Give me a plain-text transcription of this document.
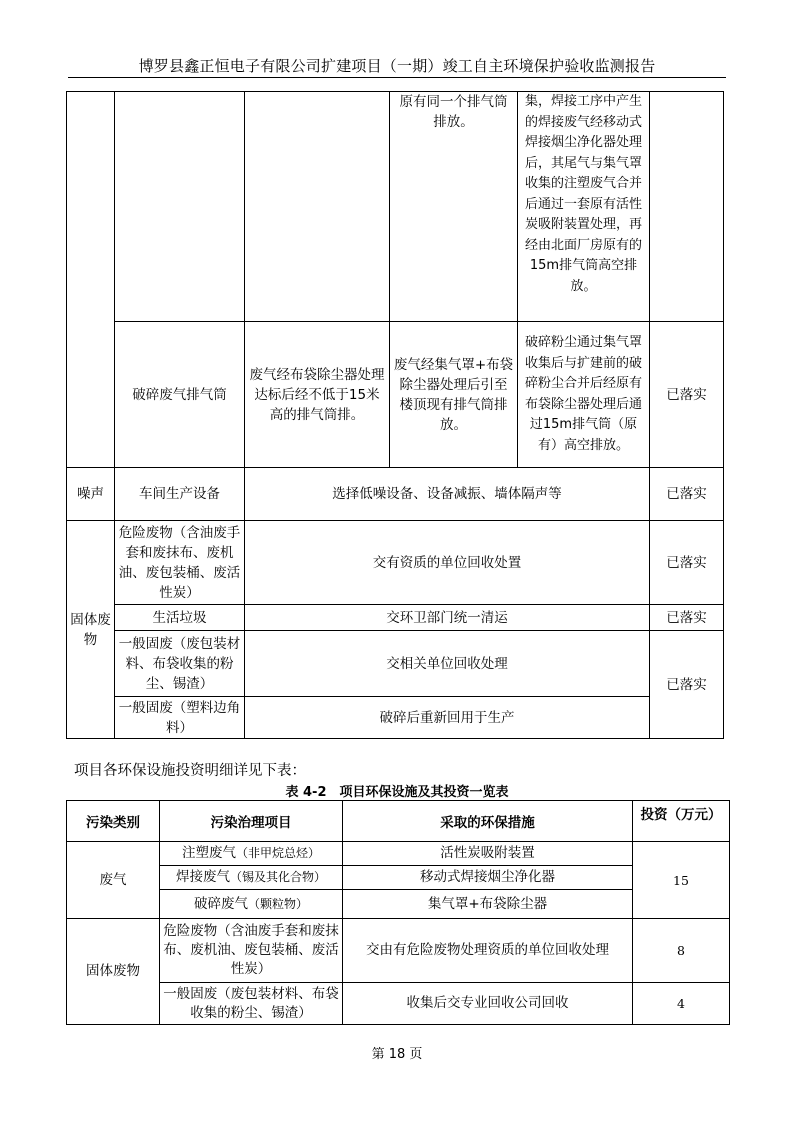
博罗县鑫正恒电子有限公司扩建项目（一期）竣工自主环境保护验收监测报告
			原有同一个排气筒排放。	集，焊接工序中产生的焊接废气经移动式焊接烟尘净化器处理后，其尾气与集气罩收集的注塑废气合并后通过一套原有活性炭吸附装置处理，再经由北面厂房原有的15m排气筒高空排放。	
	破碎废气排气筒	废气经布袋除尘器处理达标后经不低于15米高的排气筒排。	废气经集气罩+布袋除尘器处理后引至楼顶现有排气筒排放。	破碎粉尘通过集气罩收集后与扩建前的破碎粉尘合并后经原有布袋除尘器处理后通过15m排气筒（原有）高空排放。	已落实
噪声	车间生产设备	选择低噪设备、设备减振、墙体隔声等			已落实
固体废物	危险废物（含油废手套和废抹布、废机油、废包装桶、废活性炭）	交有资质的单位回收处置			已落实
	生活垃圾	交环卫部门统一清运			已落实
	一般固废（废包装材料、布袋收集的粉尘、锡渣）	交相关单位回收处理			已落实
	一般固废（塑料边角料）	破碎后重新回用于生产			
项目各环保设施投资明细详见下表：
表 4-2　项目环保设施及其投资一览表
污染类别	污染治理项目	采取的环保措施	投资（万元）
废气	注塑废气（非甲烷总烃）	活性炭吸附装置	15
	焊接废气（锡及其化合物）	移动式焊接烟尘净化器	
	破碎废气（颗粒物）	集气罩+布袋除尘器	
固体废物	危险废物（含油废手套和废抹布、废机油、废包装桶、废活性炭）	交由有危险废物处理资质的单位回收处理	8
	一般固废（废包装材料、布袋收集的粉尘、锡渣）	收集后交专业回收公司回收	4
第 18 页
